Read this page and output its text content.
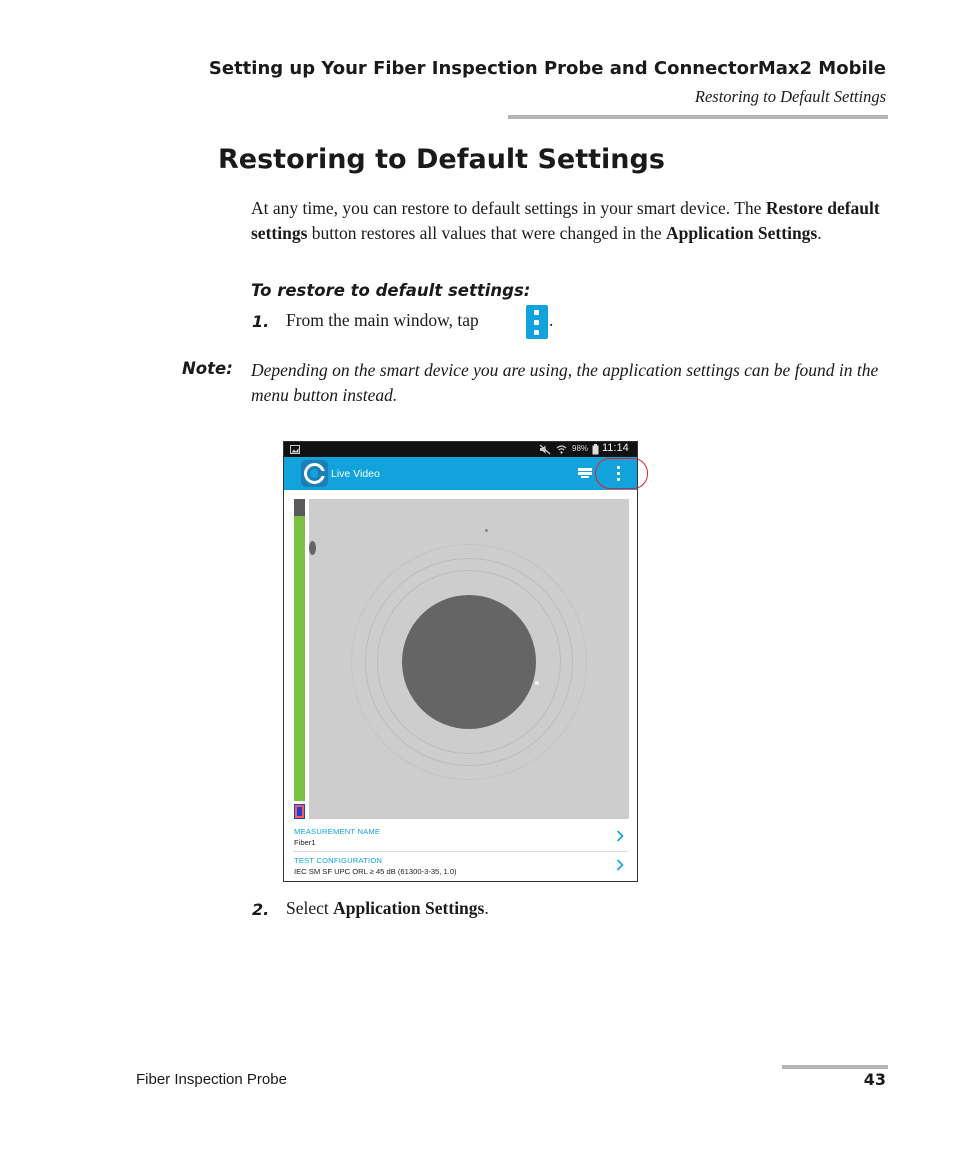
Setting up Your Fiber Inspection Probe and ConnectorMax2 Mobile
Restoring to Default Settings
Restoring to Default Settings
At any time, you can restore to default settings in your smart device. The Restore default settings button restores all values that were changed in the Application Settings.
To restore to default settings:
1. From the main window, tap	.
Note: Depending on the smart device you are using, the application settings can be found in the menu button instead.
98% 11:14
Live Video
MEASUREMENT NAME
Fiber1
TEST CONFIGURATION
IEC SM SF UPC ORL ≥ 45 dB (61300-3-35, 1.0)
2. Select Application Settings.
Fiber Inspection Probe	43
